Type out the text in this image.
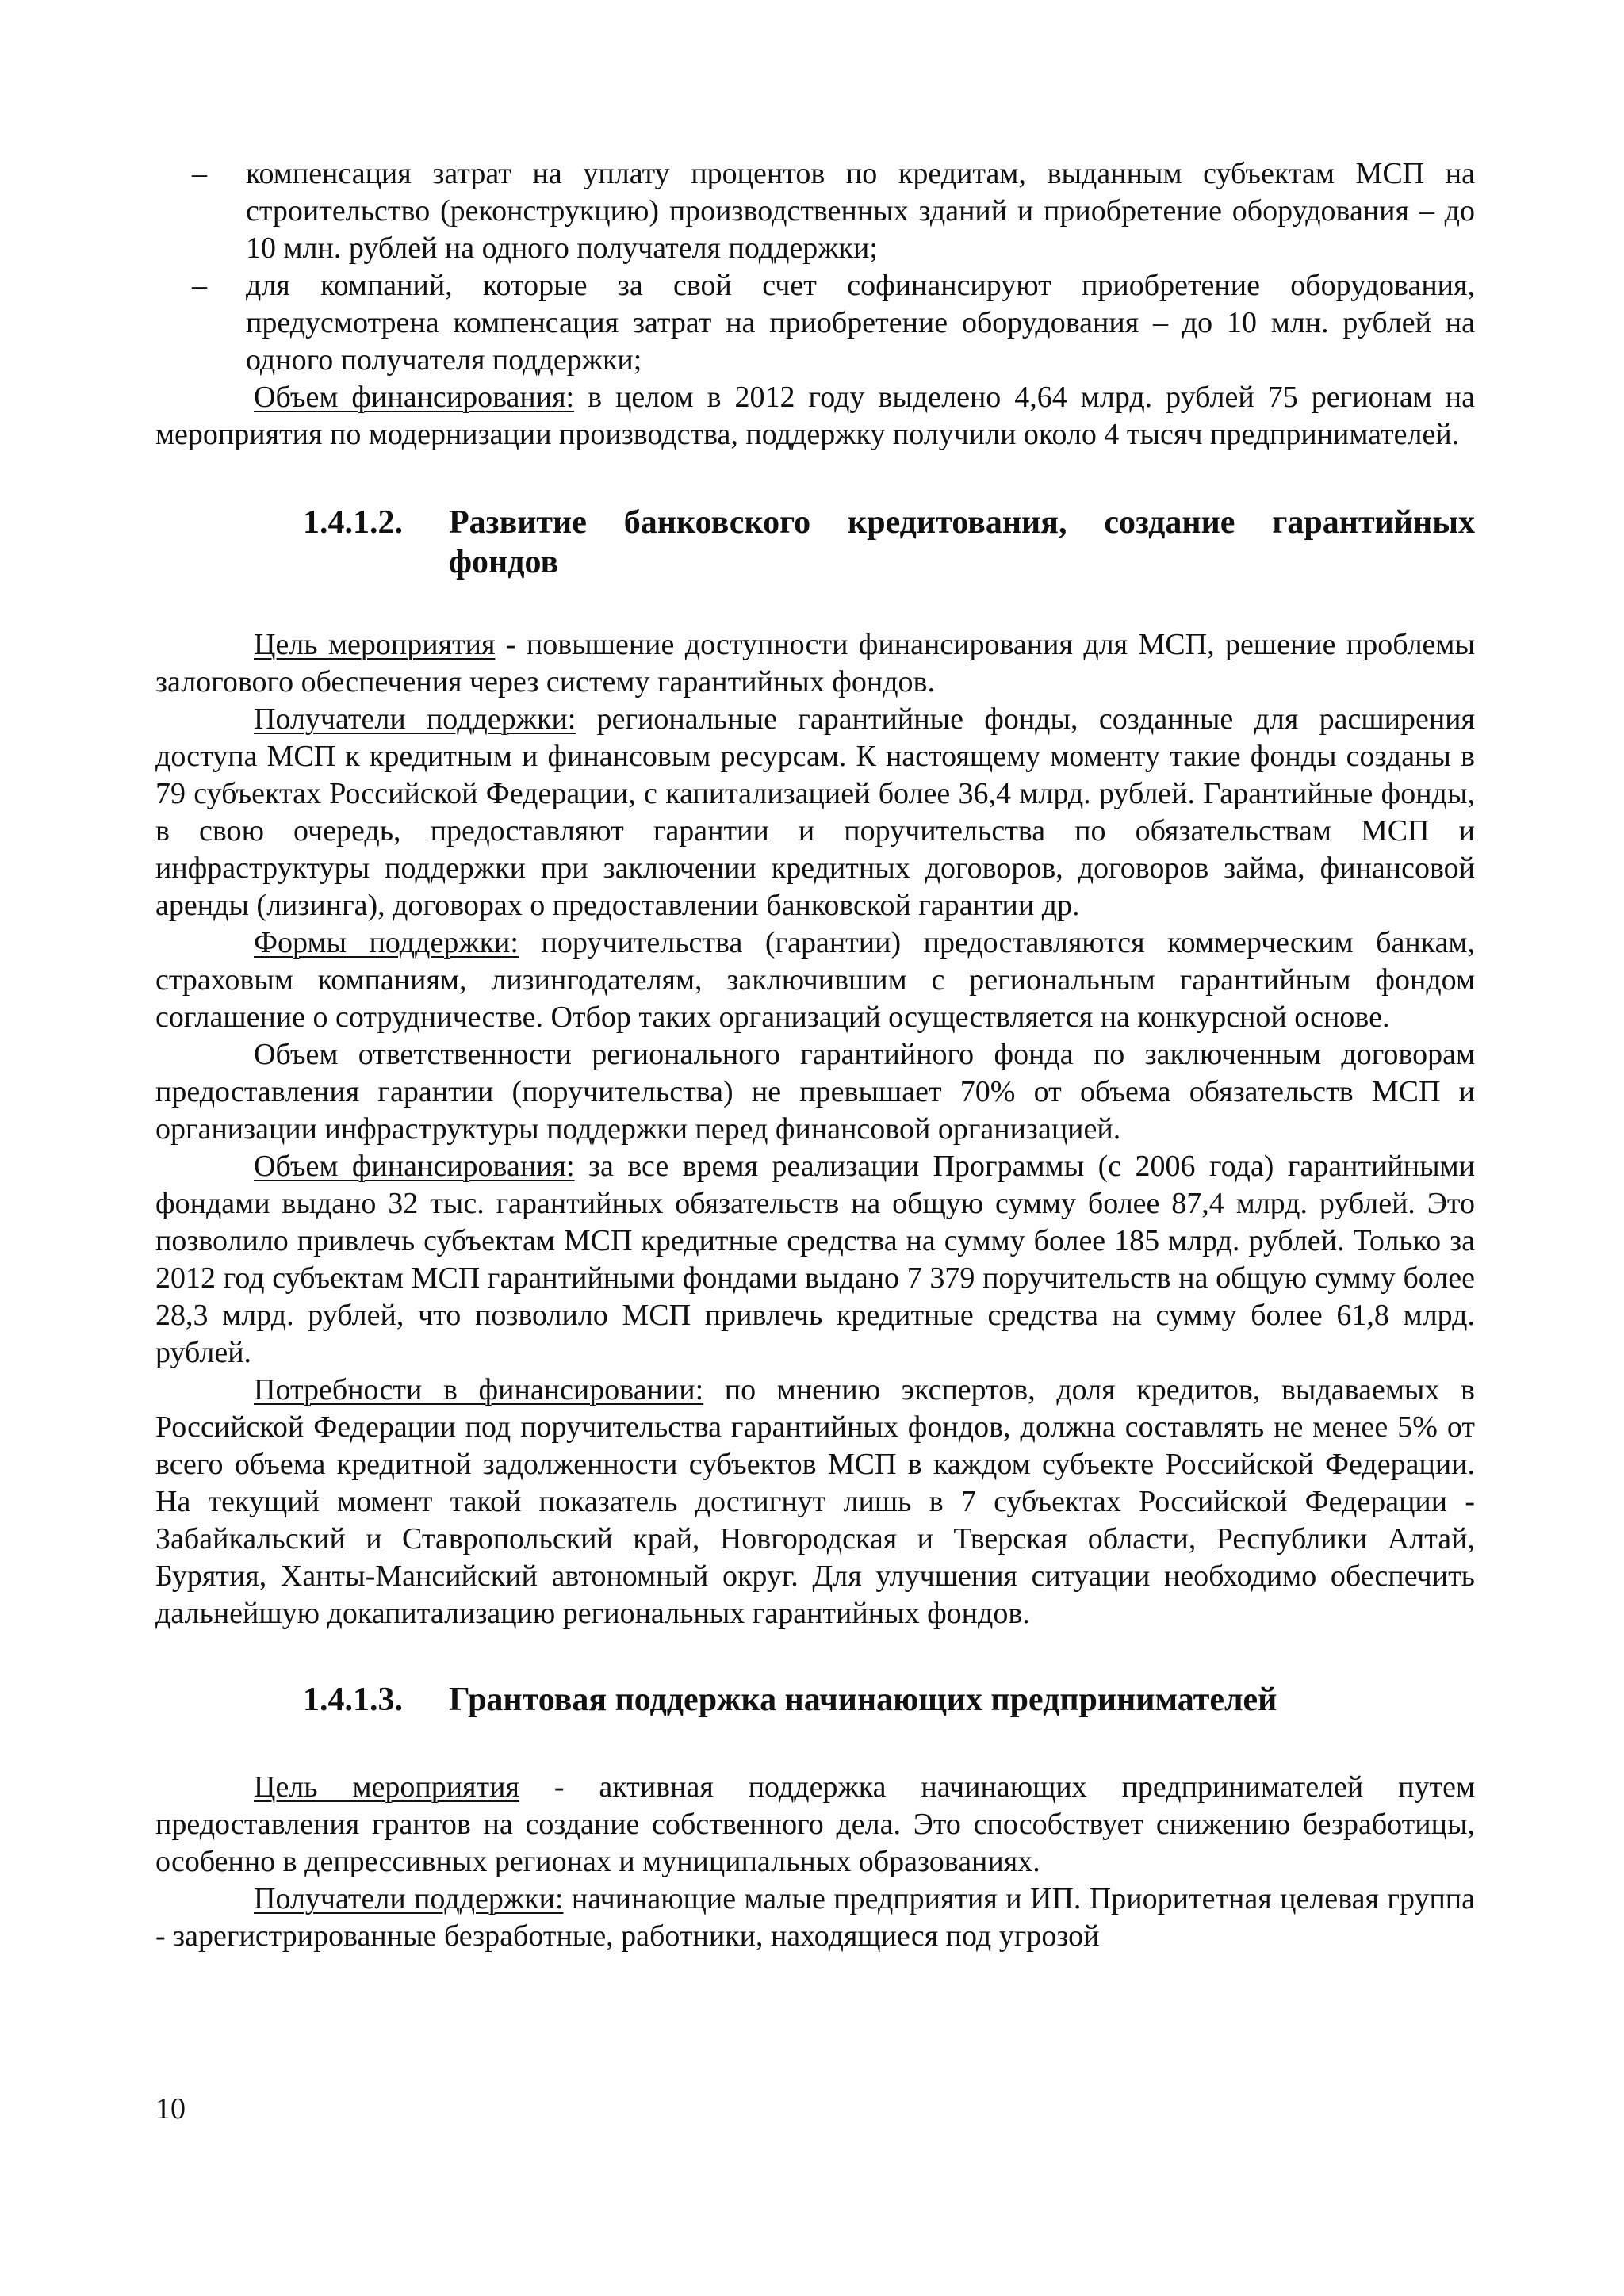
– компенсация затрат на уплату процентов по кредитам, выданным субъектам МСП на строительство (реконструкцию) производственных зданий и приобретение оборудования – до 10 млн. рублей на одного получателя поддержки;
– для компаний, которые за свой счет софинансируют приобретение оборудования, предусмотрена компенсация затрат на приобретение оборудования – до 10 млн. рублей на одного получателя поддержки;

Объем финансирования: в целом в 2012 году выделено 4,64 млрд. рублей 75 регионам на мероприятия по модернизации производства, поддержку получили около 4 тысяч предпринимателей.

1.4.1.2.	Развитие банковского кредитования, создание гарантийных фондов

Цель мероприятия - повышение доступности финансирования для МСП, решение проблемы залогового обеспечения через систему гарантийных фондов.

Получатели поддержки: региональные гарантийные фонды, созданные для расширения доступа МСП к кредитным и финансовым ресурсам. К настоящему моменту такие фонды созданы в 79 субъектах Российской Федерации, с капитализацией более 36,4 млрд. рублей. Гарантийные фонды, в свою очередь, предоставляют гарантии и поручительства по обязательствам МСП и инфраструктуры поддержки при заключении кредитных договоров, договоров займа, финансовой аренды (лизинга), договорах о предоставлении банковской гарантии др.

Формы поддержки: поручительства (гарантии) предоставляются коммерческим банкам, страховым компаниям, лизингодателям, заключившим с региональным гарантийным фондом соглашение о сотрудничестве. Отбор таких организаций осуществляется на конкурсной основе.

Объем ответственности регионального гарантийного фонда по заключенным договорам предоставления гарантии (поручительства) не превышает 70% от объема обязательств МСП и организации инфраструктуры поддержки перед финансовой организацией.

Объем финансирования: за все время реализации Программы (с 2006 года) гарантийными фондами выдано 32 тыс. гарантийных обязательств на общую сумму более 87,4 млрд. рублей. Это позволило привлечь субъектам МСП кредитные средства на сумму более 185 млрд. рублей. Только за 2012 год субъектам МСП гарантийными фондами выдано 7 379 поручительств на общую сумму более 28,3 млрд. рублей, что позволило МСП привлечь кредитные средства на сумму более 61,8 млрд. рублей.

Потребности в финансировании: по мнению экспертов, доля кредитов, выдаваемых в Российской Федерации под поручительства гарантийных фондов, должна составлять не менее 5% от всего объема кредитной задолженности субъектов МСП в каждом субъекте Российской Федерации. На текущий момент такой показатель достигнут лишь в 7 субъектах Российской Федерации - Забайкальский и Ставропольский край, Новгородская и Тверская области, Республики Алтай, Бурятия, Ханты-Мансийский автономный округ. Для улучшения ситуации необходимо обеспечить дальнейшую докапитализацию региональных гарантийных фондов.

1.4.1.3.	Грантовая поддержка начинающих предпринимателей

Цель мероприятия - активная поддержка начинающих предпринимателей путем предоставления грантов на создание собственного дела. Это способствует снижению безработицы, особенно в депрессивных регионах и муниципальных образованиях.

Получатели поддержки: начинающие малые предприятия и ИП. Приоритетная целевая группа - зарегистрированные безработные, работники, находящиеся под угрозой

10
